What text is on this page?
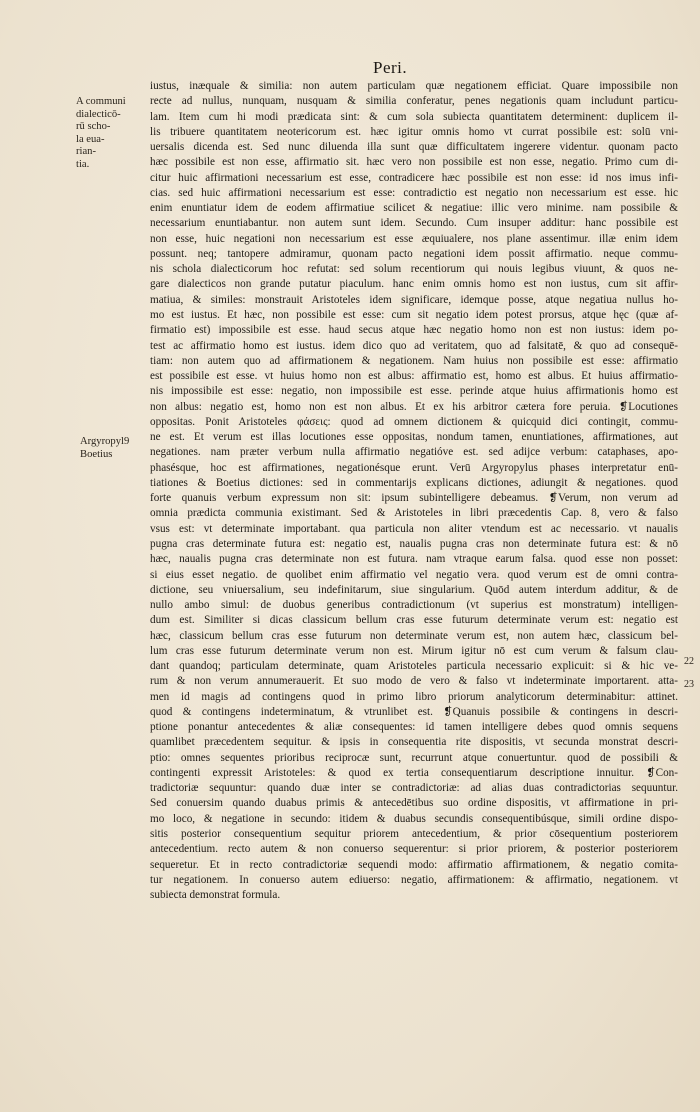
Peri.
A communi
dialecticō-
rū scho-
la eua-
rian-
tia.
Argyropyl9
Boetius
22
23
iustus, inæquale & similia: non autem particulam quæ negationem efficiat. Quare impossibile non
recte ad nullus, nunquam, nusquam & similia conferatur, penes negationis quam includunt particu-
lam. Item cum hi modi prædicata sint: & cum sola subiecta quantitatem determinent: duplicem il-
lis tribuere quantitatem neotericorum est. hæc igitur omnis homo vt currat possibile est: solū vni-
uersalis dicenda est. Sed nunc diluenda illa sunt quæ difficultatem ingerere videntur. quonam pacto
hæc possibile est non esse, affirmatio sit. hæc vero non possibile est non esse, negatio. Primo cum di-
citur huic affirmationi necessarium est esse, contradicere hæc possibile est non esse: id nos imus infi-
cias. sed huic affirmationi necessarium est esse: contradictio est negatio non necessarium est esse. hic
enim enuntiatur idem de eodem affirmatiue scilicet & negatiue: illic vero minime. nam possibile &
necessarium enuntiabantur. non autem sunt idem. Secundo. Cum insuper additur: hanc possibile est
non esse, huic negationi non necessarium est esse æquiualere, nos plane assentimur. illæ enim idem
possunt. neq; tantopere admiramur, quonam pacto negationi idem possit affirmatio. neque commu-
nis schola dialecticorum hoc refutat: sed solum recentiorum qui nouis legibus viuunt, & quos ne-
gare dialecticos non grande putatur piaculum. hanc enim omnis homo est non iustus, cum sit affir-
matiua, & similes: monstrauit Aristoteles idem significare, idemque posse, atque negatiua nullus ho-
mo est iustus. Et hæc, non possibile est esse: cum sit negatio idem potest prorsus, atque hęc (quæ af-
firmatio est) impossibile est esse. haud secus atque hæc negatio homo non est non iustus: idem po-
test ac affirmatio homo est iustus. idem dico quo ad veritatem, quo ad falsitatē, & quo ad consequē-
tiam: non autem quo ad affirmationem & negationem. Nam huius non possibile est esse: affirmatio
est possibile est esse. vt huius homo non est albus: affirmatio est, homo est albus. Et huius affirmatio-
nis impossibile est esse: negatio, non impossibile est esse. perinde atque huius affirmationis homo est
non albus: negatio est, homo non est non albus. Et ex his arbitror cætera fore peruia. ❡Locutiones
oppositas. Ponit Aristoteles φάσεις: quod ad omnem dictionem & quicquid dici contingit, commu-
ne est. Et verum est illas locutiones esse oppositas, nondum tamen, enuntiationes, affirmationes, aut
negationes. nam præter verbum nulla affirmatio negatióve est. sed adijce verbum: cataphases, apo-
phasésque, hoc est affirmationes, negationésque erunt. Verū Argyropylus phases interpretatur enū-
tiationes & Boetius dictiones: sed in commentarijs explicans dictiones, adiungit & negationes. quod
forte quanuis verbum expressum non sit: ipsum subintelligere debeamus. ❡Verum, non verum ad
omnia prædicta communia existimant. Sed & Aristoteles in libri præcedentis Cap. 8, vero & falso
vsus est: vt determinate importabant. qua particula non aliter vtendum est ac necessario. vt naualis
pugna cras determinate futura est: negatio est, naualis pugna cras non determinate futura est: & nō
hæc, naualis pugna cras determinate non est futura. nam vtraque earum falsa. quod esse non posset:
si eius esset negatio. de quolibet enim affirmatio vel negatio vera. quod verum est de omni contra-
dictione, seu vniuersalium, seu indefinitarum, siue singularium. Quōd autem interdum additur, & de
nullo ambo simul: de duobus generibus contradictionum (vt superius est monstratum) intelligen-
dum est. Similiter si dicas classicum bellum cras esse futurum determinate verum est: negatio est
hæc, classicum bellum cras esse futurum non determinate verum est, non autem hæc, classicum bel-
lum cras esse futurum determinate verum non est. Mirum igitur nō est cum verum & falsum clau-
dant quandoq; particulam determinate, quam Aristoteles particula necessario explicuit: si & hic ve-
rum & non verum annumerauerit. Et suo modo de vero & falso vt indeterminate importarent. atta-
men id magis ad contingens quod in primo libro priorum analyticorum determinabitur: attinet.
quod & contingens indeterminatum, & vtrunlibet est. ❡Quanuis possibile & contingens in descri-
ptione ponantur antecedentes & aliæ consequentes: id tamen intelligere debes quod omnis sequens
quamlibet præcedentem sequitur. & ipsis in consequentia rite dispositis, vt secunda monstrat descri-
ptio: omnes sequentes prioribus reciprocæ sunt, recurrunt atque conuertuntur. quod de possibili &
contingenti expressit Aristoteles: & quod ex tertia consequentiarum descriptione innuitur. ❡Con-
tradictoriæ sequuntur: quando duæ inter se contradictoriæ: ad alias duas contradictorias sequuntur.
Sed conuersim quando duabus primis & antecedētibus suo ordine dispositis, vt affirmatione in pri-
mo loco, & negatione in secundo: itidem & duabus secundis consequentibúsque, simili ordine dispo-
sitis posterior consequentium sequitur priorem antecedentium, & prior cōsequentium posteriorem
antecedentium. recto autem & non conuerso sequerentur: si prior priorem, & posterior posteriorem
sequeretur. Et in recto contradictoriæ sequendi modo: affirmatio affirmationem, & negatio comita-
tur negationem. In conuerso autem ediuerso: negatio, affirmationem: & affirmatio, negationem. vt
subiecta demonstrat formula.
